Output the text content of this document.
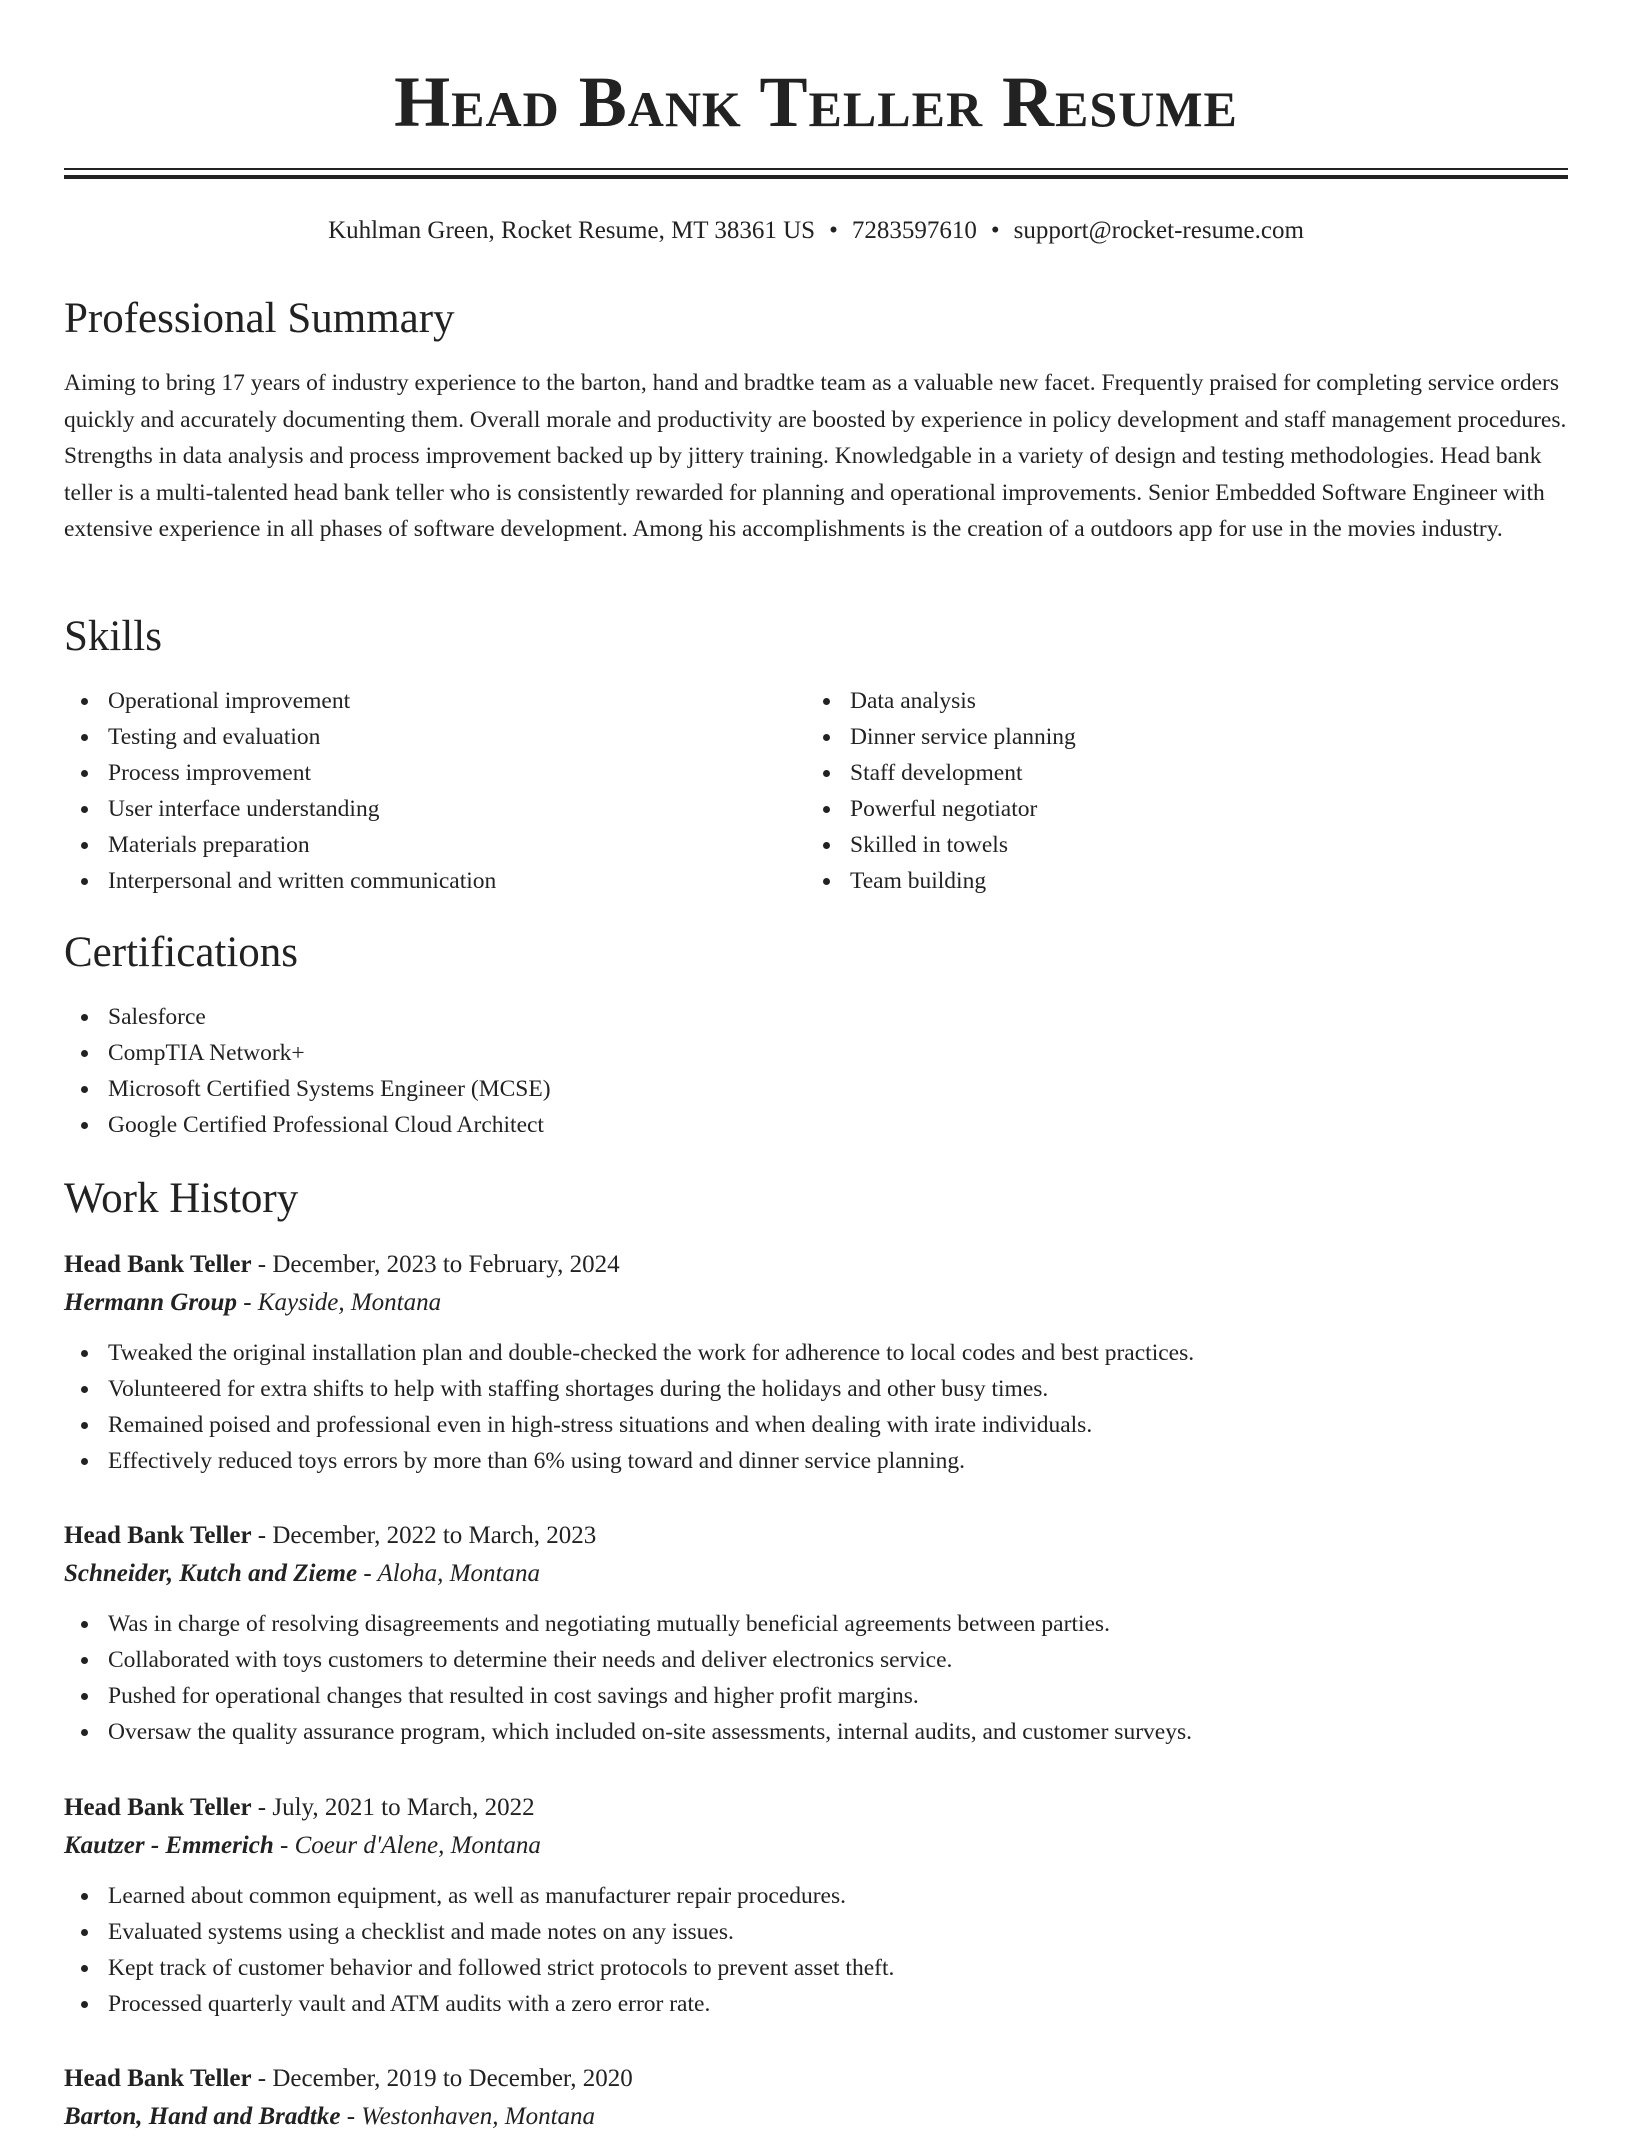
Head Bank Teller Resume
Kuhlman Green, Rocket Resume, MT 38361 US • 7283597610 • support@rocket-resume.com
Professional Summary

Aiming to bring 17 years of industry experience to the barton, hand and bradtke team as a valuable new facet. Frequently praised for completing service orders quickly and accurately documenting them. Overall morale and productivity are boosted by experience in policy development and staff management procedures. Strengths in data analysis and process improvement backed up by jittery training. Knowledgable in a variety of design and testing methodologies. Head bank teller is a multi-talented head bank teller who is consistently rewarded for planning and operational improvements. Senior Embedded Software Engineer with extensive experience in all phases of software development. Among his accomplishments is the creation of a outdoors app for use in the movies industry.

Skills
Operational improvement
Testing and evaluation
Process improvement
User interface understanding
Materials preparation
Interpersonal and written communication
Data analysis
Dinner service planning
Staff development
Powerful negotiator
Skilled in towels
Team building
Certifications
Salesforce
CompTIA Network+
Microsoft Certified Systems Engineer (MCSE)
Google Certified Professional Cloud Architect
Work History
Head Bank Teller - December, 2023 to February, 2024
Hermann Group - Kayside, Montana
Tweaked the original installation plan and double-checked the work for adherence to local codes and best practices.
Volunteered for extra shifts to help with staffing shortages during the holidays and other busy times.
Remained poised and professional even in high-stress situations and when dealing with irate individuals.
Effectively reduced toys errors by more than 6% using toward and dinner service planning.
Head Bank Teller - December, 2022 to March, 2023
Schneider, Kutch and Zieme - Aloha, Montana
Was in charge of resolving disagreements and negotiating mutually beneficial agreements between parties.
Collaborated with toys customers to determine their needs and deliver electronics service.
Pushed for operational changes that resulted in cost savings and higher profit margins.
Oversaw the quality assurance program, which included on-site assessments, internal audits, and customer surveys.
Head Bank Teller - July, 2021 to March, 2022
Kautzer - Emmerich - Coeur d'Alene, Montana
Learned about common equipment, as well as manufacturer repair procedures.
Evaluated systems using a checklist and made notes on any issues.
Kept track of customer behavior and followed strict protocols to prevent asset theft.
Processed quarterly vault and ATM audits with a zero error rate.
Head Bank Teller - December, 2019 to December, 2020
Barton, Hand and Bradtke - Westonhaven, Montana
